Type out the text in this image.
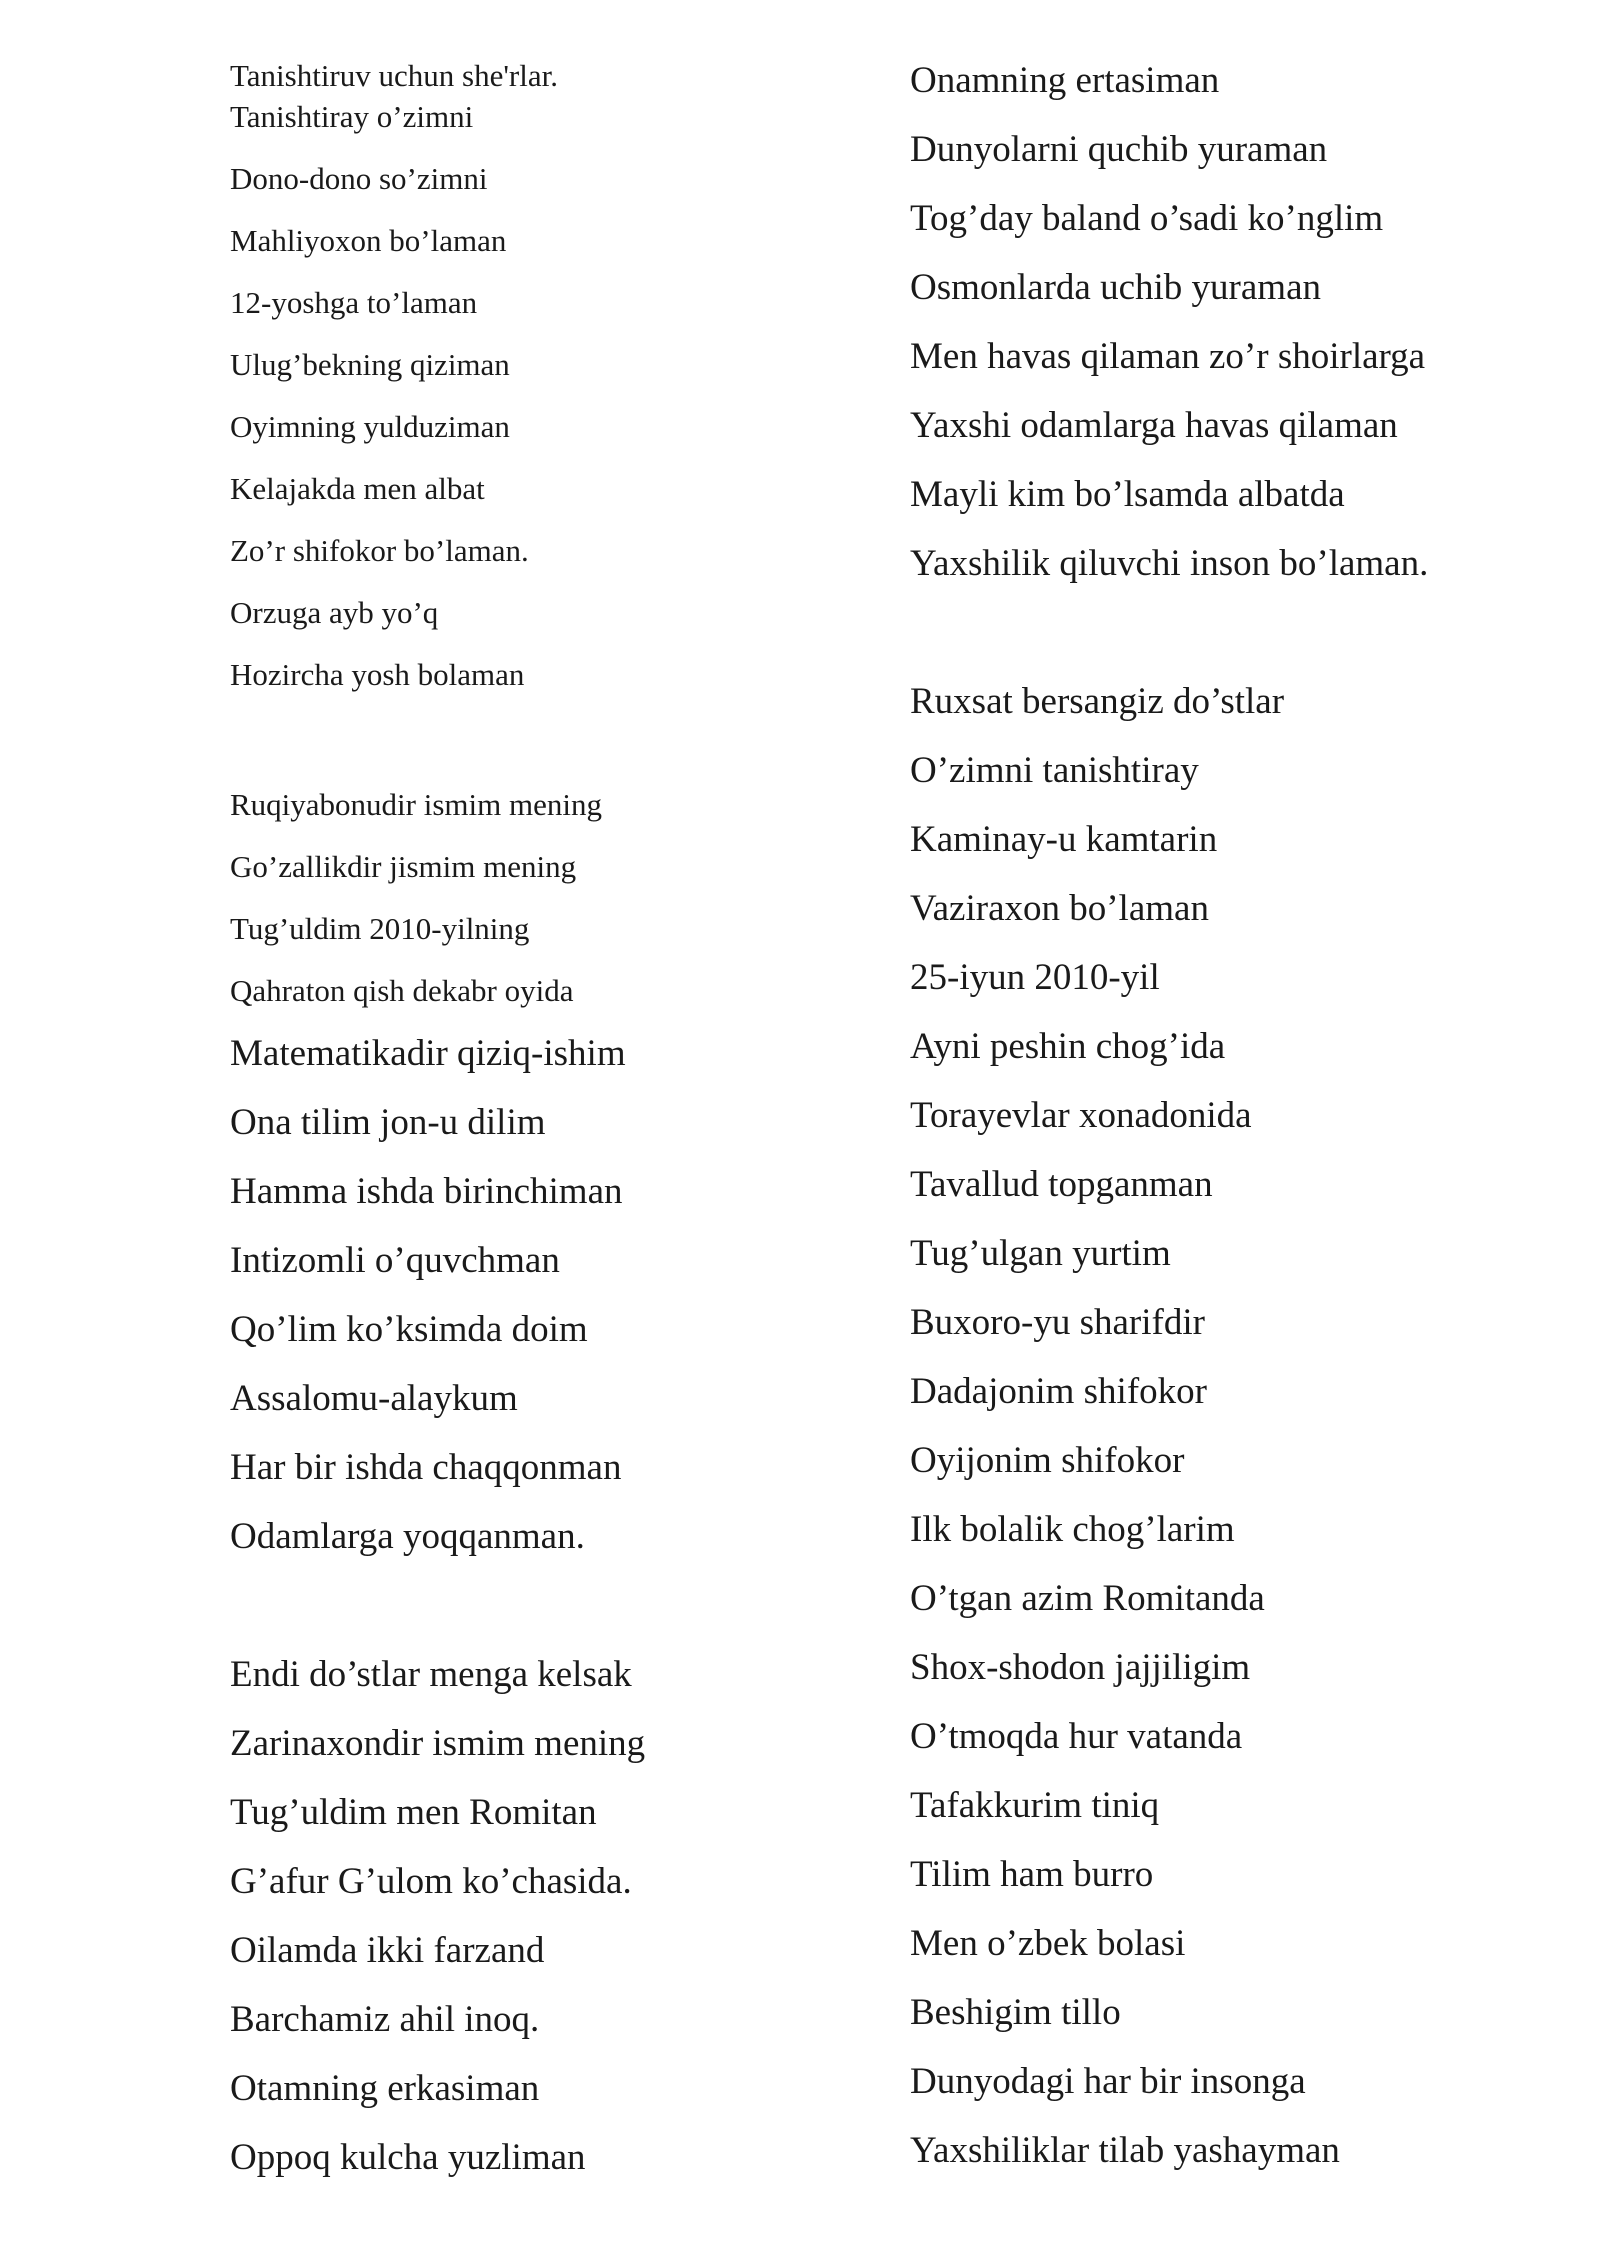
Tanishtiruv uchun she'rlar.
Tanishtiray o’zimni
Dono-dono so’zimni
Mahliyoxon bo’laman
12-yoshga to’laman
Ulug’bekning qiziman
Oyimning yulduziman
Kelajakda men albat
Zo’r shifokor bo’laman.
Orzuga ayb yo’q
Hozircha yosh bolaman
Ruqiyabonudir ismim mening
Go’zallikdir jismim mening
Tug’uldim 2010-yilning
Qahraton qish dekabr oyida
Matematikadir qiziq-ishim
Ona tilim jon-u dilim
Hamma ishda birinchiman
Intizomli o’quvchman
Qo’lim ko’ksimda doim
Assalomu-alaykum
Har bir ishda chaqqonman
Odamlarga yoqqanman.
Endi do’stlar menga kelsak
Zarinaxondir ismim mening
Tug’uldim men Romitan
G’afur G’ulom ko’chasida.
Oilamda ikki farzand
Barchamiz ahil inoq.
Otamning erkasiman
Oppoq kulcha yuzliman
Onamning ertasiman
Dunyolarni quchib yuraman
Tog’day baland o’sadi ko’nglim
Osmonlarda uchib yuraman
Men havas qilaman zo’r shoirlarga
Yaxshi odamlarga havas qilaman
Mayli kim bo’lsamda albatda
Yaxshilik qiluvchi inson bo’laman.
Ruxsat bersangiz do’stlar
O’zimni tanishtiray
Kaminay-u kamtarin
Vaziraxon bo’laman
25-iyun 2010-yil
Ayni peshin chog’ida
Torayevlar xonadonida
Tavallud topganman
Tug’ulgan yurtim
Buxoro-yu sharifdir
Dadajonim shifokor
Oyijonim shifokor
Ilk bolalik chog’larim
O’tgan azim Romitanda
Shox-shodon jajjiligim
O’tmoqda hur vatanda
Tafakkurim tiniq
Tilim ham burro
Men o’zbek bolasi
Beshigim tillo
Dunyodagi har bir insonga
Yaxshiliklar tilab yashayman
